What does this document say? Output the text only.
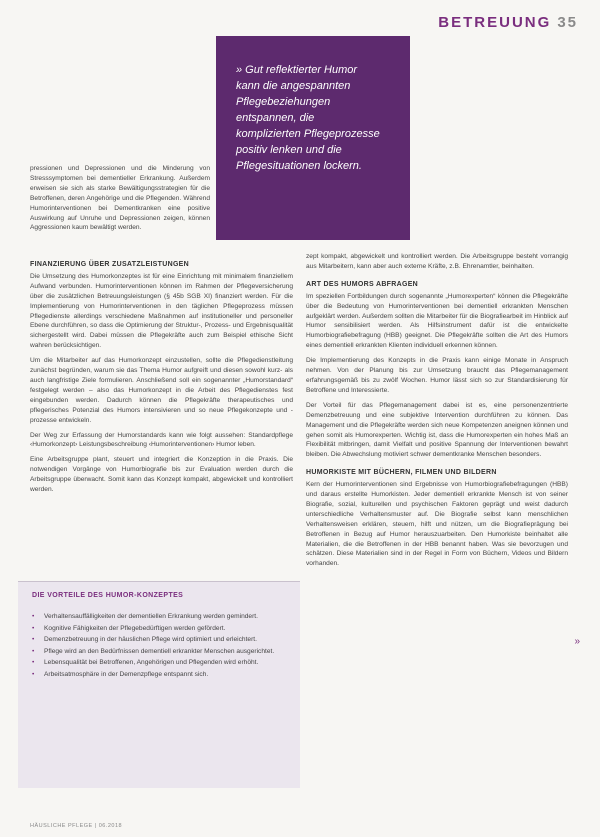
BETREUUNG 35
» Gut reflektierter Humor kann die angespannten Pflegebeziehungen entspannen, die komplizierten Pflegeprozesse positiv lenken und die Pflegesituationen lockern.

pressionen und Depressionen und die Minderung von Stresssymptomen bei dementieller Erkrankung. Außerdem erweisen sie sich als starke Bewältigungsstrategien für die Betroffenen, deren Angehörige und die Pflegenden. Während Humorinterventionen bei Dementkranken eine positive Auswirkung auf Unruhe und Depressionen zeigen, können Aggressionen kaum bewältigt werden.

FINANZIERUNG ÜBER ZUSATZLEISTUNGEN

Die Umsetzung des Humorkonzeptes ist für eine Einrichtung mit minimalem finanziellem Aufwand verbunden. Humorinterventionen können im Rahmen der Pflegeversicherung über die zusätzlichen Betreuungsleistungen (§ 45b SGB XI) finanziert werden. Für die Implementierung von Humorinterventionen in den täglichen Pflegeprozess müssen Pflegedienste allerdings verschiedene Maßnahmen auf institutioneller und personeller Ebene durchführen, so dass die Optimierung der Struktur-, Prozess- und Ergebnisqualität sichergestellt wird. Dabei müssen die Pflegekräfte auch zum Beispiel ethische Sicht wahren berücksichtigen.

Um die Mitarbeiter auf das Humorkonzept einzustellen, sollte die Pflegedienstleitung zunächst begründen, warum sie das Thema Humor aufgreift und diesen sowohl kurz- als auch langfristige Ziele formulieren. Anschließend soll ein sogenannter „Humorstandard“ festgelegt werden – also das Humorkonzept in die Arbeit des Pflegedienstes fest eingebunden werden. Dadurch können die Pflegekräfte therapeutisches und pflegerisches Potenzial des Humors intensivieren und so neue Pflegekonzepte und -prozesse entwickeln.

Der Weg zur Erfassung der Humorstandards kann wie folgt aussehen: Standardpflege ‹Humorkonzept› Leistungsbeschreibung ‹Humorinterventionen› Humor leben.

Eine Arbeitsgruppe plant, steuert und integriert die Konzeption in die Praxis. Die notwendigen Vorgänge von Humorbiografie bis zur Evaluation werden durch die Arbeitsgruppe überwacht. Somit kann das Konzept kompakt, abgewickelt und kontrolliert werden.

zept kompakt, abgewickelt und kontrolliert werden. Die Arbeitsgruppe besteht vorrangig aus Mitarbeitern, kann aber auch externe Kräfte, z.B. Ehrenamtler, beinhalten.

ART DES HUMORS ABFRAGEN

Im speziellen Fortbildungen durch sogenannte „Humorexperten“ können die Pflegekräfte über die Bedeutung von Humorinterventionen bei dementiell erkrankten Menschen aufgeklärt werden. Außerdem sollten die Mitarbeiter für die Biografiearbeit im Hinblick auf Humor sensibilisiert werden. Als Hilfsinstrument dafür ist die entwickelte Humorbiografiebefragung (HBB) geeignet. Die Pflegekräfte sollten die Art des Humors eines dementiell erkrankten Klienten individuell erkennen können.

Die Implementierung des Konzepts in die Praxis kann einige Monate in Anspruch nehmen. Von der Planung bis zur Umsetzung braucht das Pflegemanagement erfahrungsgemäß bis zu zwölf Wochen. Humor lässt sich so zur Standardisierung für Betroffene und Interessierte.

Der Vorteil für das Pflegemanagement dabei ist es, eine personenzentrierte Demenzbetreuung und eine subjektive Intervention durchführen zu können. Das Management und die Pflegekräfte werden sich neue Kompetenzen aneignen können und gehen somit als Humorexperten. Wichtig ist, dass die Humorexperten ein hohes Maß an Flexibilität mitbringen, damit Vielfalt und positive Spannung der Interventionen bewahrt bleiben. Die Abwechslung motiviert schwer dementkranke Menschen besonders.

HUMORKISTE MIT BÜCHERN, FILMEN UND BILDERN

Kern der Humorinterventionen sind Ergebnisse von Humorbiografiebefragungen (HBB) und daraus erstellte Humorkisten. Jeder dementiell erkrankte Mensch ist von seiner Biografie, sozial, kulturellen und psychischen Faktoren geprägt und weist dadurch unterschiedliche Verhaltensmuster auf. Die Biografie selbst kann menschlichen Verhaltensweisen erklären, steuern, hilft und nützen, um die Biografieprägung bei Betroffenen in Bezug auf Humor herauszuarbeiten. Den Humorkiste beinhaltet alle Materialien, die die Betroffenen in der HBB benannt haben. Was sie bevorzugen und schätzen. Diese Materialien sind in der Regel in Form von Büchern, Videos und Bildern vorhanden.

DIE VORTEILE DES HUMOR-KONZEPTES
• Verhaltensauffälligkeiten der dementiellen Erkrankung werden gemindert.
• Kognitive Fähigkeiten der Pflegebedürftigen werden gefördert.
• Demenzbetreuung in der häuslichen Pflege wird optimiert und erleichtert.
• Pflege wird an den Bedürfnissen dementiell erkrankter Menschen ausgerichtet.
• Lebensqualität bei Betroffenen, Angehörigen und Pflegenden wird erhöht.
• Arbeitsatmosphäre in der Demenzpflege entspannt sich.
»
HÄUSLICHE PFLEGE | 06.2018
